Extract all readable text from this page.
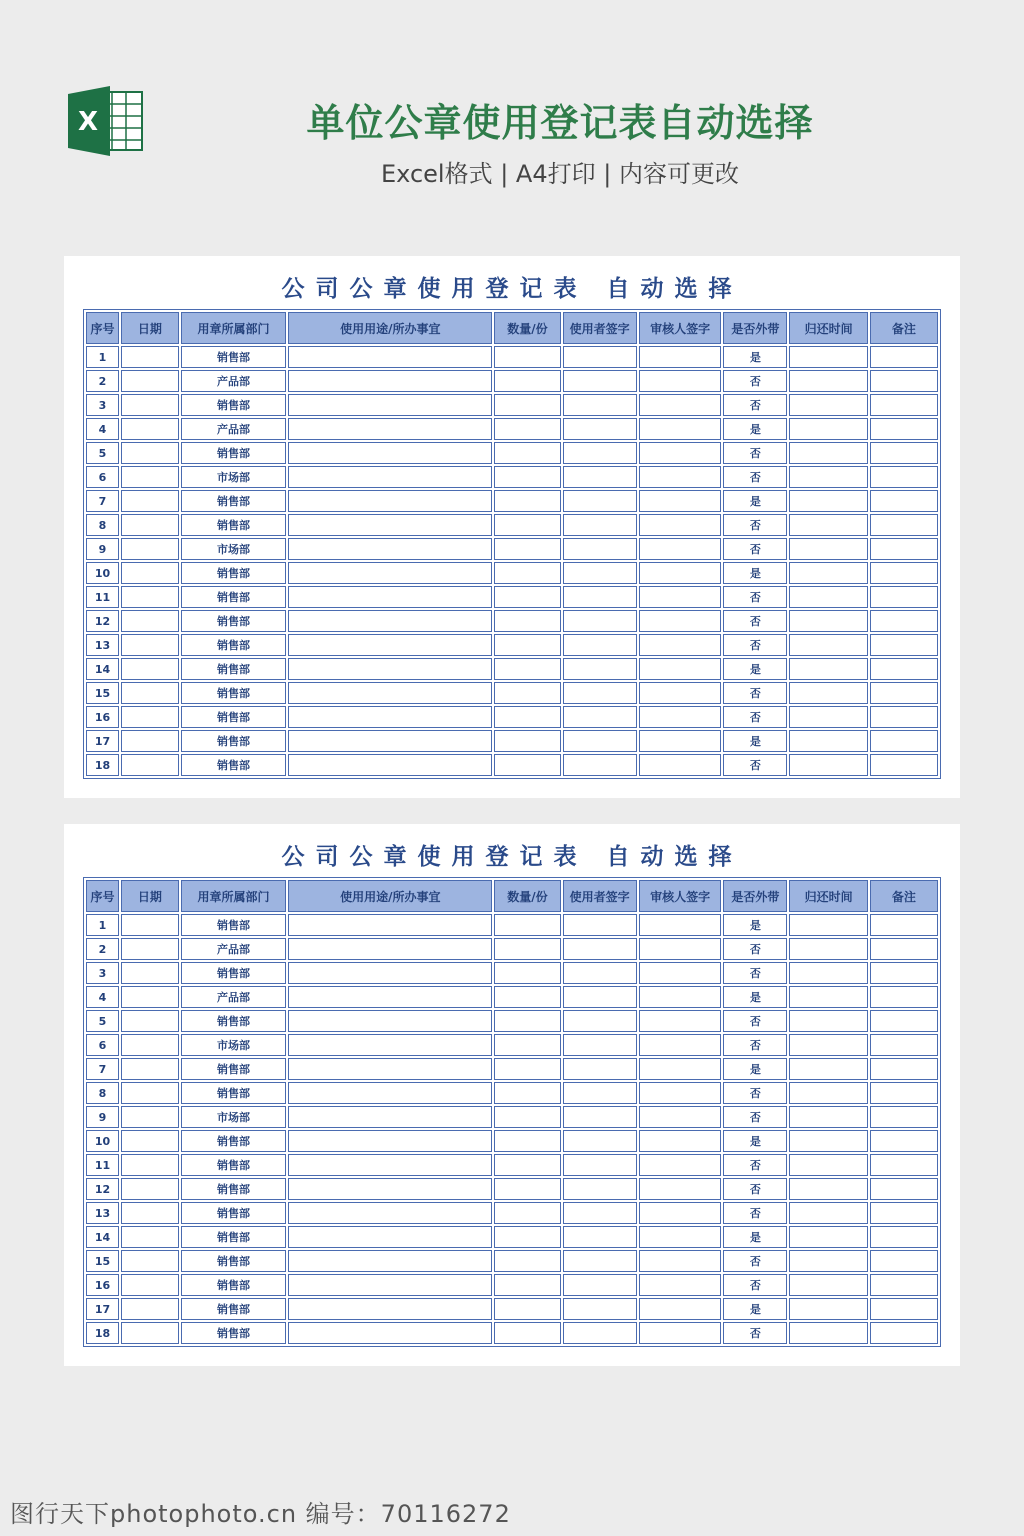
X	单位公章使用登记表自动选择
Excel格式 | A4打印 | 内容可更改
公司公章使用登记表 自动选择
序号	日期	用章所属部门	使用用途/所办事宜	数量/份	使用者签字	审核人签字	是否外带	归还时间	备注
1		销售部					是		
2		产品部					否		
3		销售部					否		
4		产品部					是		
5		销售部					否		
6		市场部					否		
7		销售部					是		
8		销售部					否		
9		市场部					否		
10		销售部					是		
11		销售部					否		
12		销售部					否		
13		销售部					否		
14		销售部					是		
15		销售部					否		
16		销售部					否		
17		销售部					是		
18		销售部					否		
公司公章使用登记表 自动选择
序号	日期	用章所属部门	使用用途/所办事宜	数量/份	使用者签字	审核人签字	是否外带	归还时间	备注
1		销售部					是		
2		产品部					否		
3		销售部					否		
4		产品部					是		
5		销售部					否		
6		市场部					否		
7		销售部					是		
8		销售部					否		
9		市场部					否		
10		销售部					是		
11		销售部					否		
12		销售部					否		
13		销售部					否		
14		销售部					是		
15		销售部					否		
16		销售部					否		
17		销售部					是		
18		销售部					否		
图行天下photophoto.cn 编号：70116272
